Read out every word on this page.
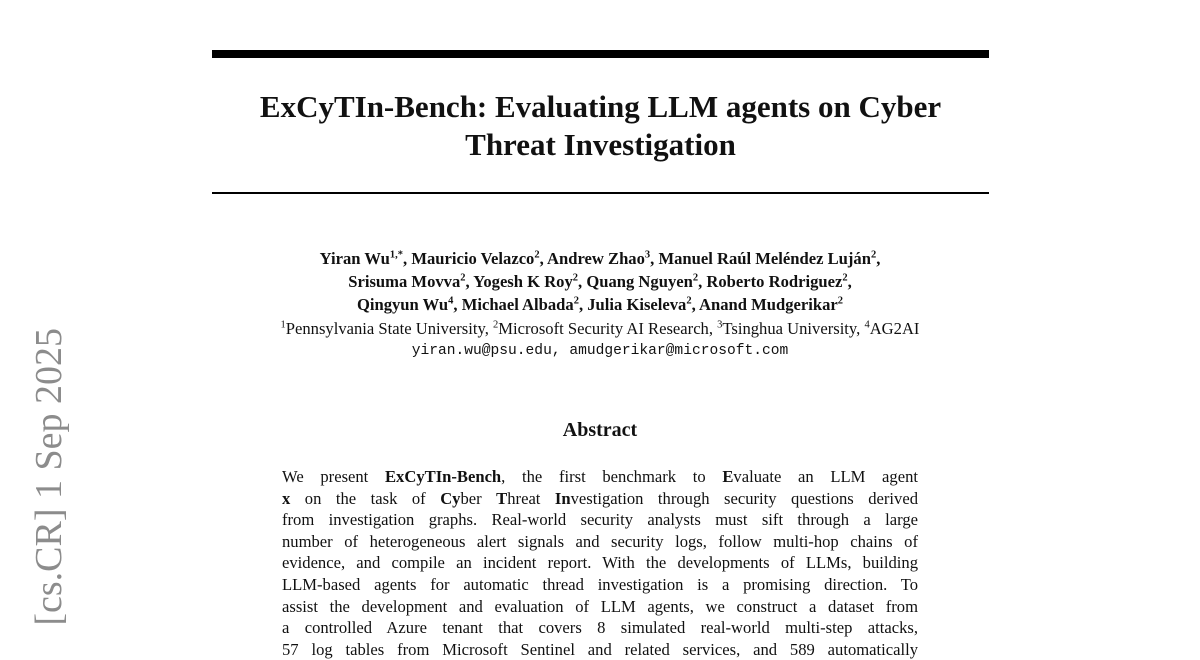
ExCyTIn-Bench: Evaluating LLM agents on Cyber
Threat Investigation
Yiran $Wu^{1,*}$, Mauricio Velazco$^2$, Andrew Zhao$^3$, Manuel Raúl Meléndez Luján$^2$,
Srisuma Movva$^2$, Yogesh K Roy$^2$, Quang Nguyen$^2$, Roberto Rodriguez$^2$,
Qingyun Wu$^4$, Michael Albada$^2$, Julia Kiseleva$^2$, Anand Mudgerikar$^2$
$^1$Pennsylvania State University, $^2$Microsoft Security AI Research, $^3$Tsinghua University, $^4$AG2AI
yiran.wu@psu.edu, amudgerikar@microsoft.com
Abstract
We present ExCyTIn-Bench, the first benchmark to Evaluate an LLM agent
x on the task of Cyber Threat Investigation through security questions derived
from investigation graphs. Real-world security analysts must sift through a large
number of heterogeneous alert signals and security logs, follow multi-hop chains of
evidence, and compile an incident report. With the developments of LLMs, building
LLM-based agents for automatic thread investigation is a promising direction. To
assist the development and evaluation of LLM agents, we construct a dataset from
a controlled Azure tenant that covers 8 simulated real-world multi-step attacks,
57 log tables from Microsoft Sentinel and related services, and 589 automatically
[cs.CR] 1 Sep 2025
